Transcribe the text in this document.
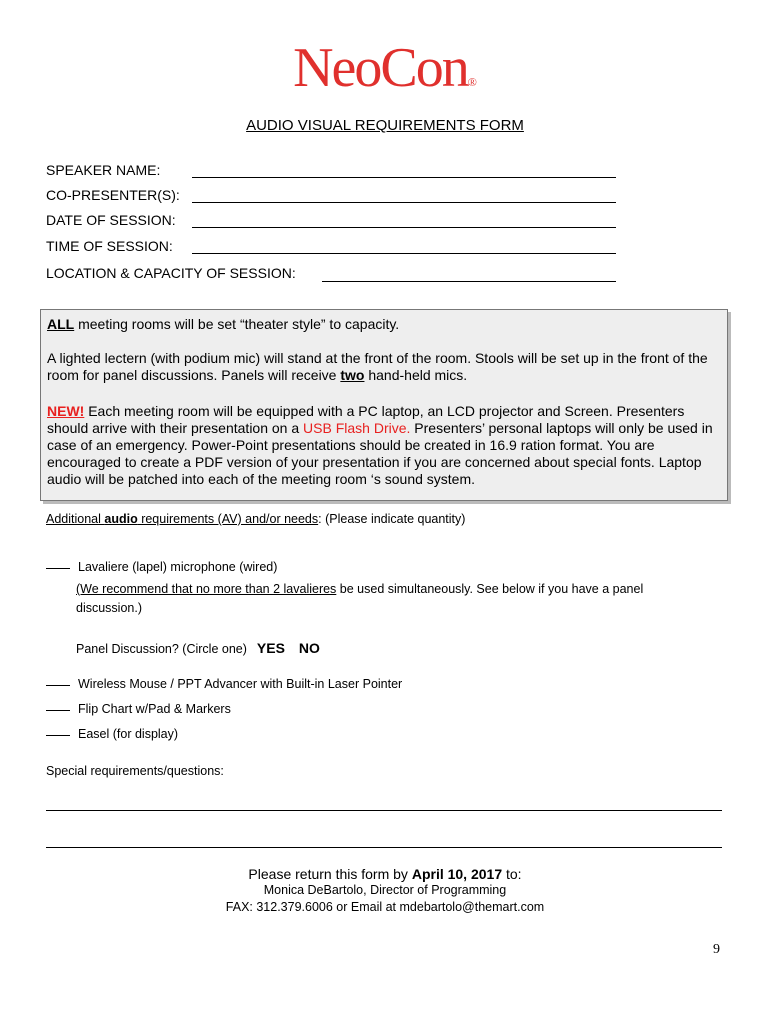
NeoCon®
AUDIO VISUAL REQUIREMENTS FORM
SPEAKER NAME:
CO-PRESENTER(S):
DATE OF SESSION:
TIME OF SESSION:
LOCATION & CAPACITY OF SESSION:
ALL meeting rooms will be set “theater style” to capacity.
A lighted lectern (with podium mic) will stand at the front of the room. Stools will be set up in the front of the room for panel discussions. Panels will receive two hand-held mics.
NEW! Each meeting room will be equipped with a PC laptop, an LCD projector and Screen. Presenters should arrive with their presentation on a USB Flash Drive. Presenters’ personal laptops will only be used in case of an emergency. Power-Point presentations should be created in 16.9 ration format. You are encouraged to create a PDF version of your presentation if you are concerned about special fonts. Laptop audio will be patched into each of the meeting room ‘s sound system.
Additional audio requirements (AV) and/or needs: (Please indicate quantity)
Lavaliere (lapel) microphone (wired)
(We recommend that no more than 2 lavalieres be used simultaneously. See below if you have a panel
discussion.)
Panel Discussion? (Circle one) YES NO
Wireless Mouse / PPT Advancer with Built-in Laser Pointer
Flip Chart w/Pad & Markers
Easel (for display)
Special requirements/questions:
Please return this form by April 10, 2017 to:
Monica DeBartolo, Director of Programming
FAX: 312.379.6006 or Email at mdebartolo@themart.com
9
